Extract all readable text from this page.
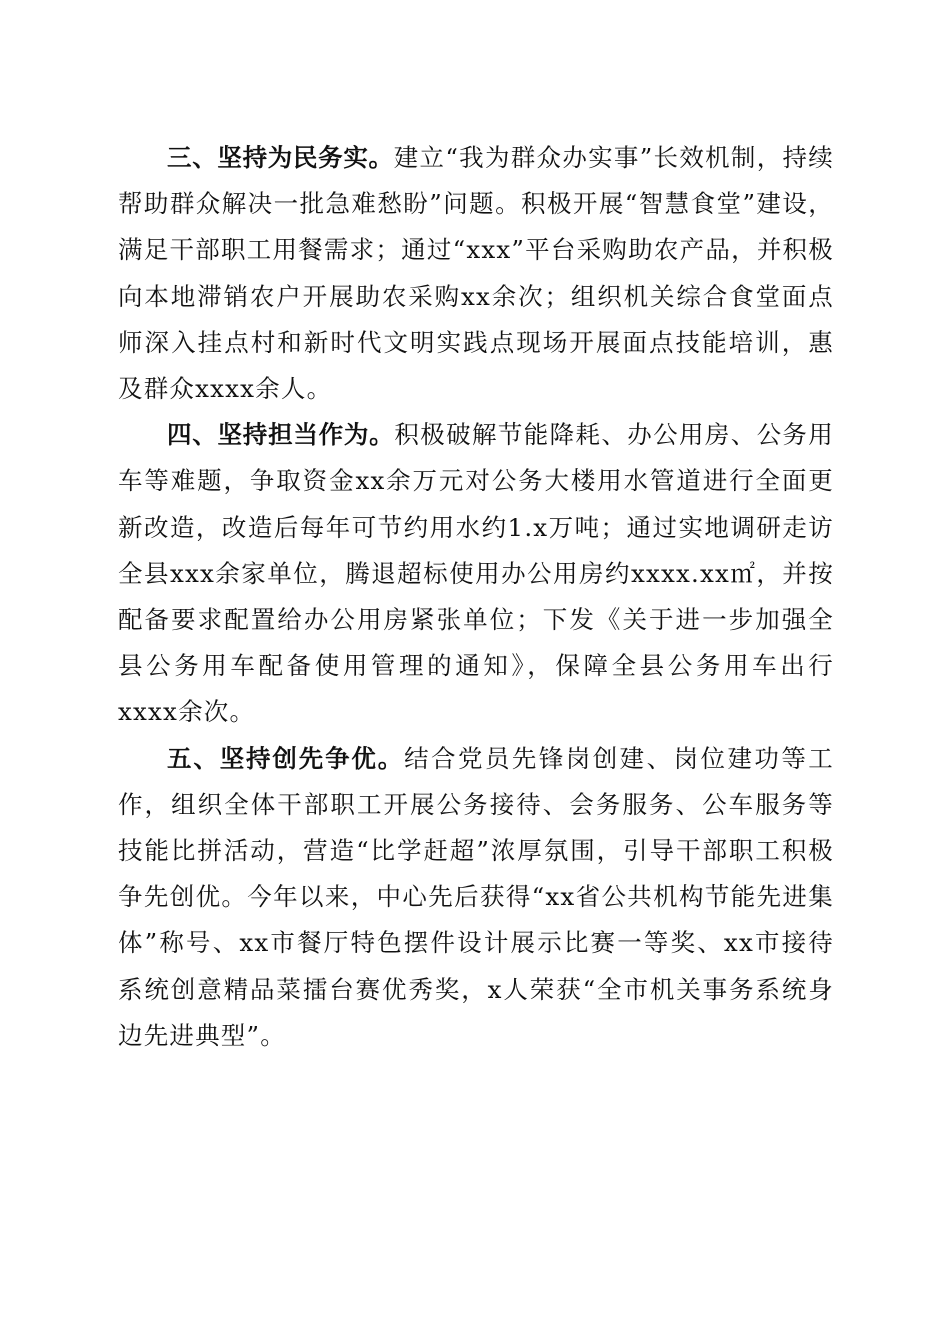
三、坚持为民务实。建立“我为群众办实事”长效机制，持续帮助群众解决一批急难愁盼”问题。积极开展“智慧食堂”建设，满足干部职工用餐需求；通过“xxx”平台采购助农产品，并积极向本地滞销农户开展助农采购xx余次；组织机关综合食堂面点师深入挂点村和新时代文明实践点现场开展面点技能培训，惠及群众xxxx余人。

四、坚持担当作为。积极破解节能降耗、办公用房、公务用车等难题，争取资金xx余万元对公务大楼用水管道进行全面更新改造，改造后每年可节约用水约1.x万吨；通过实地调研走访全县xxx余家单位，腾退超标使用办公用房约xxxx.xx㎡，并按配备要求配置给办公用房紧张单位；下发《关于进一步加强全县公务用车配备使用管理的通知》，保障全县公务用车出行xxxx余次。

五、坚持创先争优。结合党员先锋岗创建、岗位建功等工作，组织全体干部职工开展公务接待、会务服务、公车服务等技能比拼活动，营造“比学赶超”浓厚氛围，引导干部职工积极争先创优。今年以来，中心先后获得“xx省公共机构节能先进集体”称号、xx市餐厅特色摆件设计展示比赛一等奖、xx市接待系统创意精品菜擂台赛优秀奖，x人荣获“全市机关事务系统身边先进典型”。
